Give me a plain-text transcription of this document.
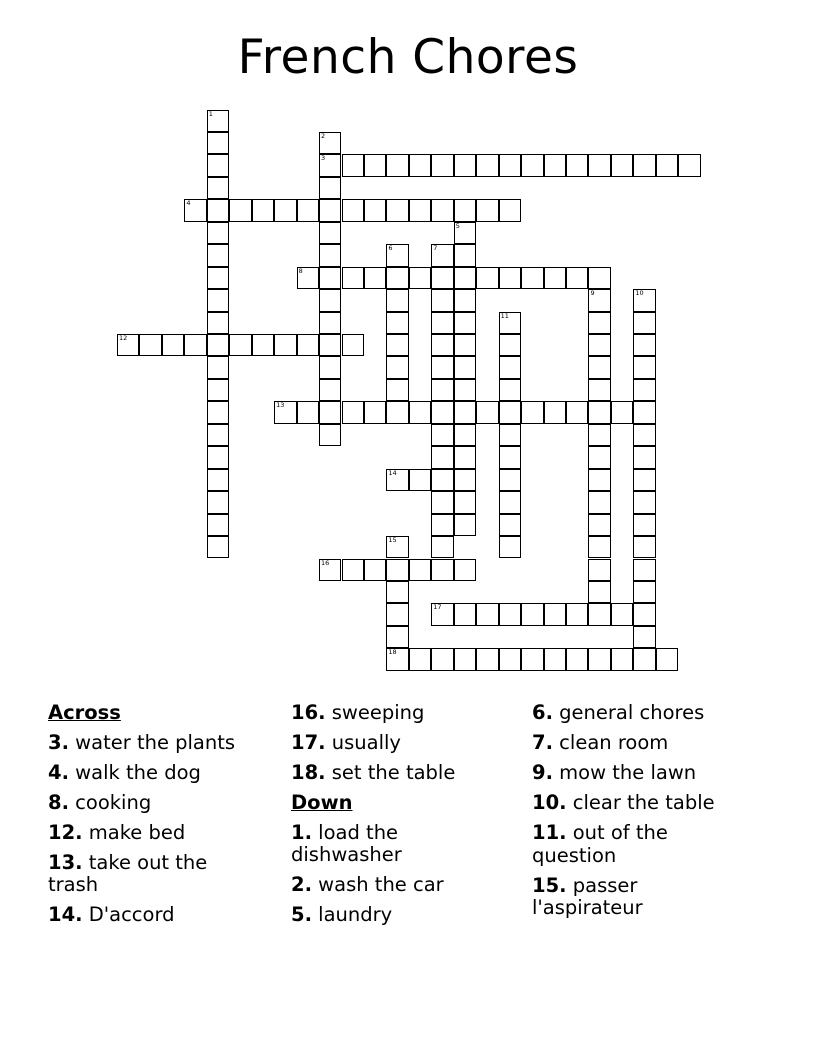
French Chores
1
2
3
4
5
6	7
8
9	10
11
12
13
14
15
18
16
17
Across
3. water the plants
4. walk the dog
8. cooking
12. make bed
13. take out the trash
14. D'accord
16. sweeping
17. usually
18. set the table
Down
1. load the dishwasher
2. wash the car
5. laundry
6. general chores
7. clean room
9. mow the lawn
10. clear the table
11. out of the question
15. passer l'aspirateur
